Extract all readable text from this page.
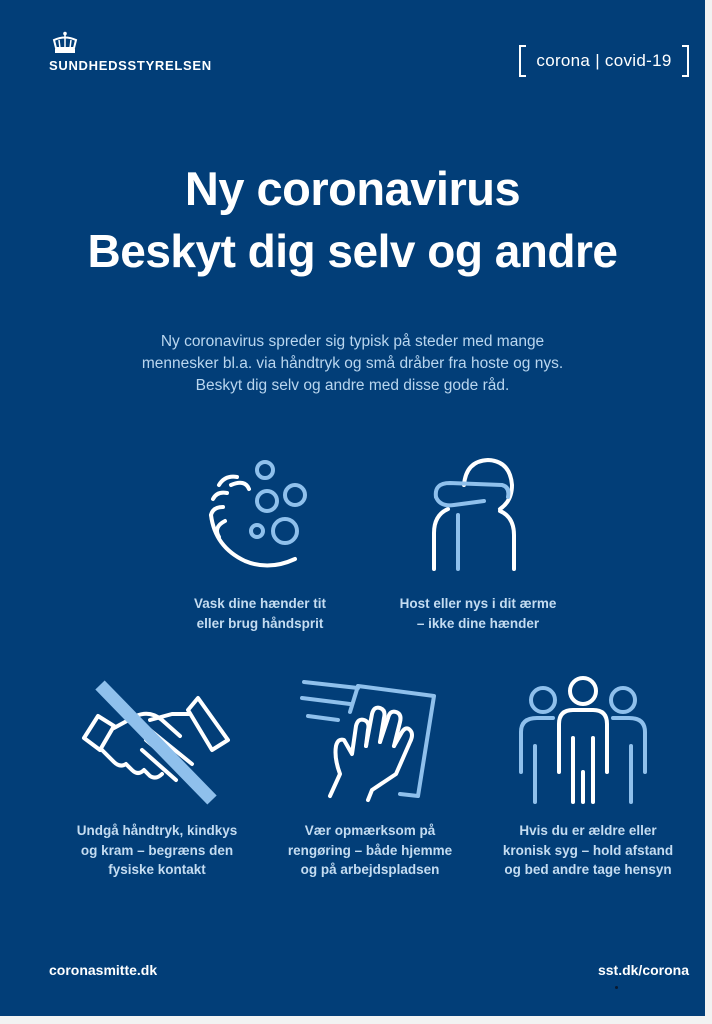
SUNDHEDSSTYRELSEN	corona | covid-19
Ny coronavirus
Beskyt dig selv og andre
Ny coronavirus spreder sig typisk på steder med mange
mennesker bl.a. via håndtryk og små dråber fra hoste og nys.
Beskyt dig selv og andre med disse gode råd.
Vask dine hænder tit
eller brug håndsprit
Host eller nys i dit ærme
– ikke dine hænder
Undgå håndtryk, kindkys
og kram – begræns den
fysiske kontakt
Vær opmærksom på
rengøring – både hjemme
og på arbejdspladsen
Hvis du er ældre eller
kronisk syg – hold afstand
og bed andre tage hensyn
coronasmitte.dk	sst.dk/corona
